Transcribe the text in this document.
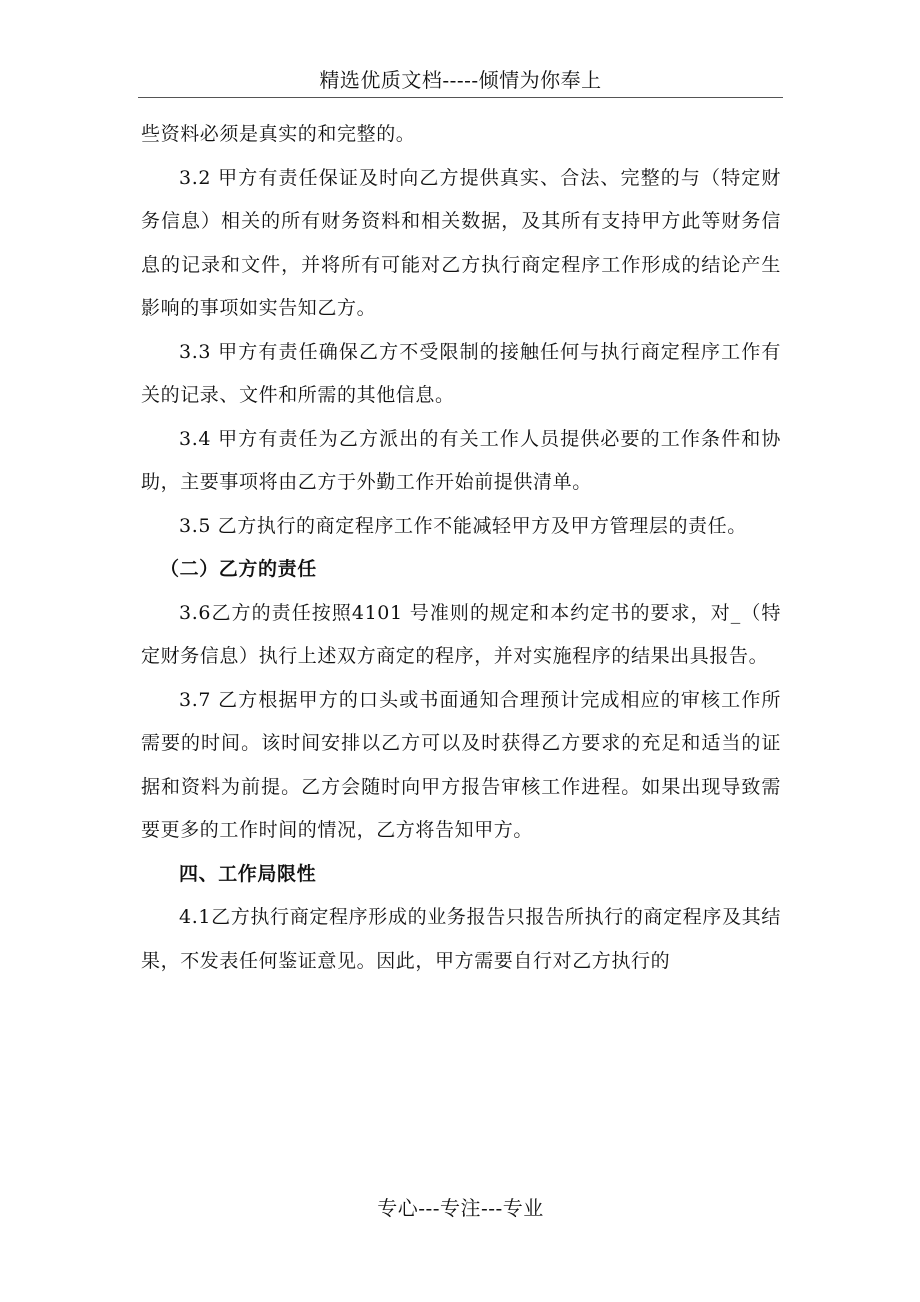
精选优质文档-----倾情为你奉上

些资料必须是真实的和完整的。

3.2 甲方有责任保证及时向乙方提供真实、合法、完整的与（特定财务信息）相关的所有财务资料和相关数据，及其所有支持甲方此等财务信息的记录和文件，并将所有可能对乙方执行商定程序工作形成的结论产生影响的事项如实告知乙方。

3.3 甲方有责任确保乙方不受限制的接触任何与执行商定程序工作有关的记录、文件和所需的其他信息。

3.4 甲方有责任为乙方派出的有关工作人员提供必要的工作条件和协助，主要事项将由乙方于外勤工作开始前提供清单。

3.5 乙方执行的商定程序工作不能减轻甲方及甲方管理层的责任。

（二）乙方的责任

3.6乙方的责任按照4101 号准则的规定和本约定书的要求，对_（特定财务信息）执行上述双方商定的程序，并对实施程序的结果出具报告。

3.7 乙方根据甲方的口头或书面通知合理预计完成相应的审核工作所需要的时间。该时间安排以乙方可以及时获得乙方要求的充足和适当的证据和资料为前提。乙方会随时向甲方报告审核工作进程。如果出现导致需要更多的工作时间的情况，乙方将告知甲方。

四、工作局限性

4.1乙方执行商定程序形成的业务报告只报告所执行的商定程序及其结果，不发表任何鉴证意见。因此，甲方需要自行对乙方执行的

专心---专注---专业
